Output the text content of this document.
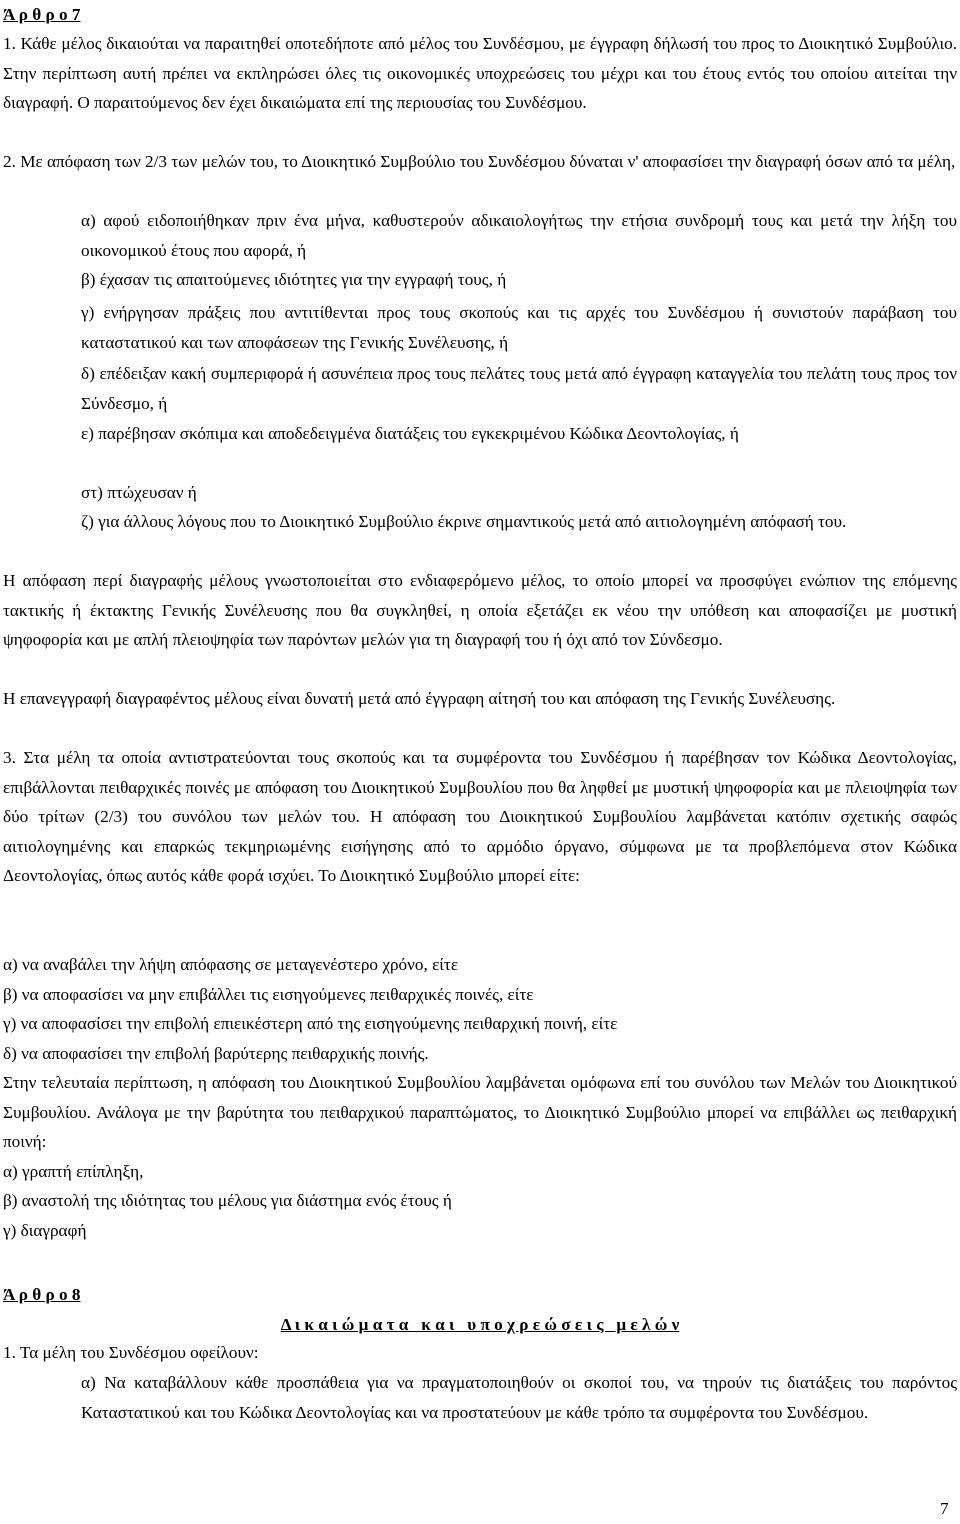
Ά ρ θ ρ ο 7
1. Κάθε μέλος δικαιούται να παραιτηθεί οποτεδήποτε από μέλος του Συνδέσμου, με έγγραφη δήλωσή του προς το Διοικητικό Συμβούλιο. Στην περίπτωση αυτή πρέπει να εκπληρώσει όλες τις οικονομικές υποχρεώσεις του μέχρι και του έτους εντός του οποίου αιτείται την διαγραφή. Ο παραιτούμενος δεν έχει δικαιώματα επί της περιουσίας του Συνδέσμου.
2. Με απόφαση των 2/3 των μελών του, το Διοικητικό Συμβούλιο του Συνδέσμου δύναται ν' αποφασίσει την διαγραφή όσων από τα μέλη,
α) αφού ειδοποιήθηκαν πριν ένα μήνα, καθυστερούν αδικαιολογήτως την ετήσια συνδρομή τους και μετά την λήξη του οικονομικού έτους που αφορά, ή
β) έχασαν τις απαιτούμενες ιδιότητες για την εγγραφή τους, ή
γ) ενήργησαν πράξεις που αντιτίθενται προς τους σκοπούς και τις αρχές του Συνδέσμου ή συνιστούν παράβαση του καταστατικού και των αποφάσεων της Γενικής Συνέλευσης, ή
δ) επέδειξαν κακή συμπεριφορά ή ασυνέπεια προς τους πελάτες τους μετά από έγγραφη καταγγελία του πελάτη τους προς τον Σύνδεσμο, ή
ε) παρέβησαν σκόπιμα και αποδεδειγμένα διατάξεις του εγκεκριμένου Κώδικα Δεοντολογίας, ή
στ) πτώχευσαν ή
ζ) για άλλους λόγους που το Διοικητικό Συμβούλιο έκρινε σημαντικούς μετά από αιτιολογημένη απόφασή του.
Η απόφαση περί διαγραφής μέλους γνωστοποιείται στο ενδιαφερόμενο μέλος, το οποίο μπορεί να προσφύγει ενώπιον της επόμενης τακτικής ή έκτακτης Γενικής Συνέλευσης που θα συγκληθεί, η οποία εξετάζει εκ νέου την υπόθεση και αποφασίζει με μυστική ψηφοφορία και με απλή πλειοψηφία των παρόντων μελών για τη διαγραφή του ή όχι από τον Σύνδεσμο.
Η επανεγγραφή διαγραφέντος μέλους είναι δυνατή μετά από έγγραφη αίτησή του και απόφαση της Γενικής Συνέλευσης.
3. Στα μέλη τα οποία αντιστρατεύονται τους σκοπούς και τα συμφέροντα του Συνδέσμου ή παρέβησαν τον Κώδικα Δεοντολογίας, επιβάλλονται πειθαρχικές ποινές με απόφαση του Διοικητικού Συμβουλίου που θα ληφθεί με μυστική ψηφοφορία και με πλειοψηφία των δύο τρίτων (2/3) του συνόλου των μελών του. Η απόφαση του Διοικητικού Συμβουλίου λαμβάνεται κατόπιν σχετικής σαφώς αιτιολογημένης και επαρκώς τεκμηριωμένης εισήγησης από το αρμόδιο όργανο, σύμφωνα με τα προβλεπόμενα στον Κώδικα Δεοντολογίας, όπως αυτός κάθε φορά ισχύει. Το Διοικητικό Συμβούλιο μπορεί είτε:
α) να αναβάλει την λήψη απόφασης σε μεταγενέστερο χρόνο, είτε
β) να αποφασίσει να μην επιβάλλει τις εισηγούμενες πειθαρχικές ποινές, είτε
γ) να αποφασίσει την επιβολή επιεικέστερη από της εισηγούμενης πειθαρχική ποινή, είτε
δ) να αποφασίσει την επιβολή βαρύτερης πειθαρχικής ποινής.
Στην τελευταία περίπτωση, η απόφαση του Διοικητικού Συμβουλίου λαμβάνεται ομόφωνα επί του συνόλου των Μελών του Διοικητικού Συμβουλίου. Ανάλογα με την βαρύτητα του πειθαρχικού παραπτώματος, το Διοικητικό Συμβούλιο μπορεί να επιβάλλει ως πειθαρχική ποινή:
α) γραπτή επίπληξη,
β) αναστολή της ιδιότητας του μέλους για διάστημα ενός έτους ή
γ) διαγραφή
Ά ρ θ ρ ο 8
Δ ι κ α ι ώ μ α τ α   κ α ι   υ π ο χ ρ ε ώ σ ε ι ς   μ ε λ ώ ν
1. Τα μέλη του Συνδέσμου οφείλουν:
α) Να καταβάλλουν κάθε προσπάθεια για να πραγματοποιηθούν οι σκοποί του, να τηρούν τις διατάξεις του παρόντος Καταστατικού και του Κώδικα Δεοντολογίας και να προστατεύουν με κάθε τρόπο τα συμφέροντα του Συνδέσμου.
7
